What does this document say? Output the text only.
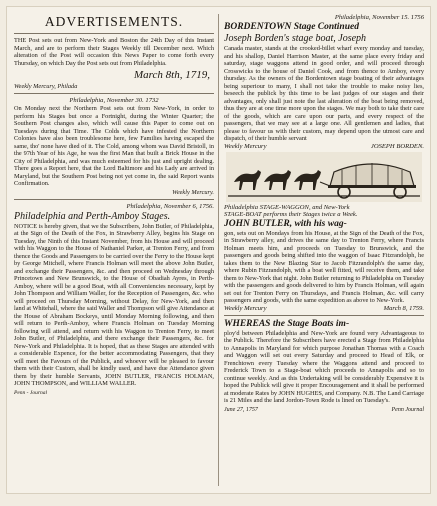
ADVERTISEMENTS.

THE Post sets out from New-York and Boston the 24th Day of this Instant March, and are to perform their Stages Weekly till December next. Which alteration of the Post will occasion this News Paper to come forth every Thursday, on which Day the Post sets out from Philadelphia.

March 8th, 1719,
Weekly Mercury, Philada
Philadelphia, November 30. 1732

On Monday next the Northern Post sets out from New-York, in order to perform his Stages but once a Fortnight, during the Winter Quarter; the Southern Post changes also, which will cause this Paper to come out on Tuesdays during that Time. The Colds which have infested the Northern Colonies have also been troublesome here, few Families having escaped the same, tho' none have died of it. The Cold, among whom was David Bristoll, in the 97th Year of his Age, he was the first Man that built a Brick House in the City of Philadelphia, and was much esteemed for his just and upright dealing. There goes a Report here, that the Lord Baltimore and his Lady are arrived in Maryland, but the Southern Post being not yet come in, the said Report wants Confirmation.

Weekly Mercury.
Philadelphia, November 6, 1756.
Philadelphia and Perth-Amboy Stages.

NOTICE is hereby given, that we the Subscribers, John Butler, of Philadelphia, at the Sign of the Death of the Fox, in Strawberry Alley, begins his Stage on Tuesday, the Ninth of this Instant November, from his House and will proceed with his Waggon to the House of Nathaniel Parker, at Trenton Ferry, and from thence the Goods and Passengers to be carried over the Ferry to the House kept by George Mitchell, where Francis Holman will meet the above John Butler, and exchange their Passengers, &c. and then proceed on Wednesday through Princetown and New Brunswick, to the House of Obadiah Ayres, in Perth-Amboy, where will be a good Boat, with all Conveniencies necessary, kept by John Thompson and William Waller, for the Reception of Passengers, &c. who will proceed on Thursday Morning, without Delay, for New-York, and then land at Whitehall, where the said Waller and Thompson will give Attendance at the House of Abraham Bockeys, until Monday Morning following, and then will return to Perth-Amboy, where Francis Holman on Tuesday Morning following will attend, and return with his Waggon to Trenton Ferry, to meet John Butler, of Philadelphia, and there exchange their Passengers, &c. for New-York and Philadelphia. It is hoped, that as these Stages are attended with a considerable Expence, for the better accommodating Passengers, that they will meet the Favours of the Publick, and whoever will be pleased to favour them with their Custom, shall be kindly used, and have due Attendance given them by their humble Servants, JOHN BUTLER, FRANCIS HOLMAN, JOHN THOMPSON, and WILLIAM WALLER.

Penn - Journal
Philadelphia, November 15. 1756
BORDENTOWN Stage Continued
Joseph Borden's stage boat, Joseph

Canada master, stands at the crooked-billet wharf every monday and tuesday, and his shallop, Daniel Harrison Master, at the same place every friday and saturday, stage waggons attend in good order, and will proceed through Crosswicks to the house of Daniel Cook, and from thence to Amboy, every thursday. As the owners of the Bordentown stage boating of their advantages being superiour to many, I shall not take the trouble to make noisy lies, beseech the publick by this time to be last judges of our stages and their advantages, only shall just note the last alteration of the boat being removed, thus they are at one time more upon the stages. We may both to take their care of the goods, which are care upon our parts, and every respect of the passengers, that we may see at a large one. All gentlemen and ladies, that please to favour us with their custom, may depend upon the utmost care and dispatch, of their humble servant

Weekly Mercury	JOSEPH BORDEN.
Philadelphia STAGE-WAGGON, and New-York
STAGE-BOAT performs their Stages twice a Week.
JOHN BUTLER, with his wag-

gon, sets out on Mondays from his House, at the Sign of the Death of the Fox, in Strawberry alley, and drives the same day to Trenton Ferry, where Francis Holman meets him, and proceeds on Tuesday to Brunswick, and the passengers and goods being shifted into the waggon of Isaac Fitzrandolph, he takes them to the New Blazing Star to Jacob Fitzrandolph's the same day, where Rubin Fitzrandolph, with a boat well fitted, will receive them, and take them to New-York that night. John Butler returning to Philadelphia on Tuesday with the passengers and goods delivered to him by Francis Holman, will again set out for Trenton Ferry on Thursdays, and Francis Holman, &c. will carry passengers and goods, with the same expedition as above to New-York.

Weekly Mercury	March 8, 1759.
WHEREAS the Stage Boats im-

ploy'd between Philadelphia and New-York are found very Advantageous to the Publick. Therefore the Subscribers have erected a Stage from Philadelphia to Annapolis in Maryland for which purpose Jonathan Thomas with a Coach and Waggon will set out every Saturday and proceed to Head of Elk, or Frenchtown every Tuesday where the Waggons attend and proceed to Frederick Town to a Stage-boat which proceeds to Annapolis and so to continue weekly. And as this Undertaking will be considerably Expensive it is hoped the Publick will give it proper Encouragement and it shall be performed at moderate Rates by JOHN HUGHES, and Company. N.B. The Land Carriage is 21 Miles and the land Jordon-Town Rode is lined on Tuesday's.

June 27, 1757	Penn Journal
